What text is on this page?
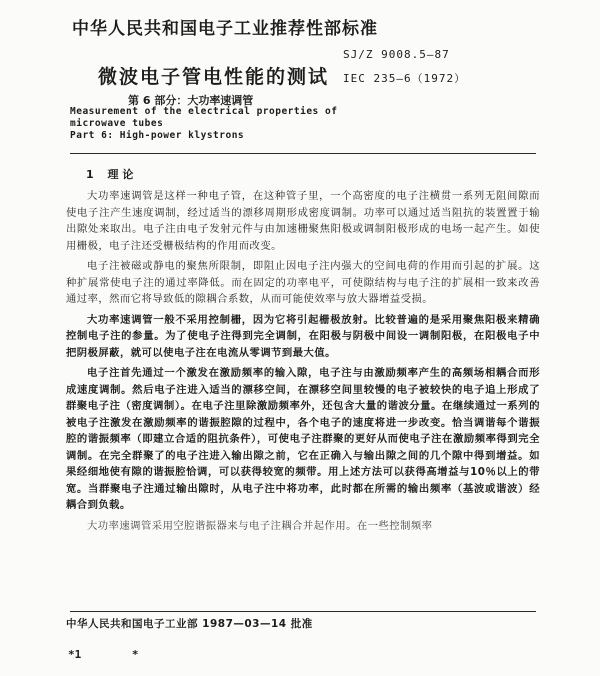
中华人民共和国电子工业推荐性部标准
SJ/Z 9008.5—87
微波电子管电性能的测试 IEC 235—6（1972）
第 6 部分：大功率速调管
Measurement of the electrical properties of
microwave tubes
Part 6: High-power klystrons
1 理 论

大功率速调管是这样一种电子管，在这种管子里，一个高密度的电子注横贯一系列无阻间隙而使电子注产生速度调制，经过适当的漂移周期形成密度调制。功率可以通过适当阻抗的装置置于输出隙处来取出。电子注由电子发射元件与由加速栅聚焦阳极或调制阳极形成的电场一起产生。如使用栅极，电子注还受栅极结构的作用而改变。

电子注被磁或静电的聚焦所限制，即阻止因电子注内强大的空间电荷的作用而引起的扩展。这种扩展常使电子注的通过率降低。而在固定的功率电平，可使隙结构与电子注的扩展相一致来改善通过率，然而它将导致低的隙耦合系数，从而可能使效率与放大器增益受损。

大功率速调管一般不采用控制栅，因为它将引起栅极放射。比较普遍的是采用聚焦阳极来精确控制电子注的参量。为了使电子注得到完全调制，在阳极与阴极中间设一调制阳极，在阳极电子中把阴极屏蔽，就可以使电子注在电流从零调节到最大值。

电子注首先通过一个激发在激励频率的输入隙，电子注与由激励频率产生的高频场相耦合而形成速度调制。然后电子注进入适当的漂移空间，在漂移空间里较慢的电子被较快的电子追上形成了群聚电子注（密度调制）。在电子注里除激励频率外，还包含大量的谐波分量。在继续通过一系列的被电子注激发在激励频率的谐振腔隙的过程中，各个电子的速度将进一步改变。恰当调谐每个谐振腔的谐振频率（即建立合适的阻抗条件），可使电子注群聚的更好从而使电子注在激励频率得到完全调制。在完全群聚了的电子注进入输出隙之前，它在正确入与输出隙之间的几个隙中得到增益。如果经细地使有隙的谐振腔恰调，可以获得较宽的频带。用上述方法可以获得高增益与10％以上的带宽。当群聚电子注通过输出隙时，从电子注中将功率，此时都在所需的输出频率（基波或谐波）经耦合到负载。

大功率速调管采用空腔谐振器来与电子注耦合并起作用。在一些控制频率

中华人民共和国电子工业部 1987—03—14 批准
*1	*
